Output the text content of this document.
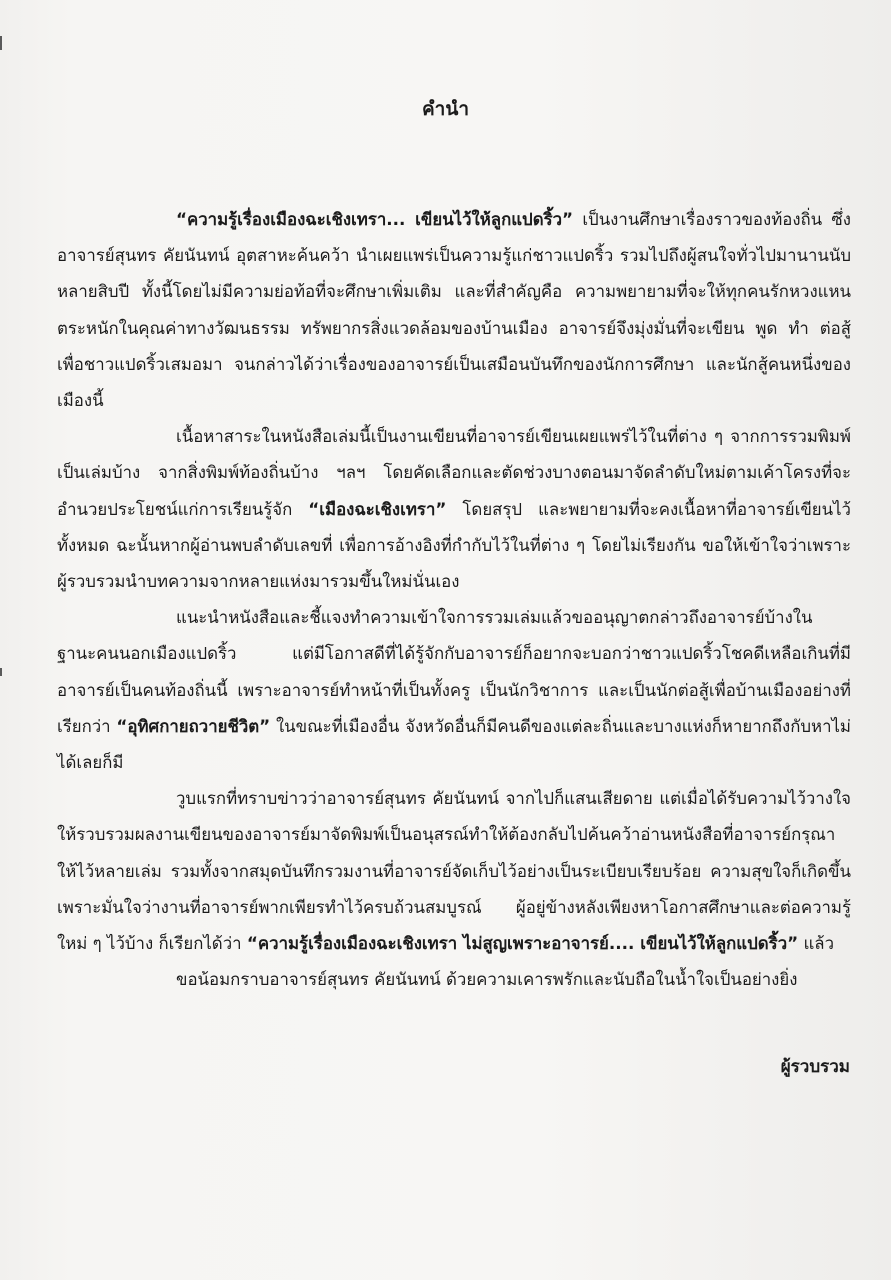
คำนำ

“ความรู้เรื่องเมืองฉะเชิงเทรา... เขียนไว้ให้ลูกแปดริ้ว” เป็นงานศึกษาเรื่องราวของท้องถิ่น ซึ่งอาจารย์สุนทร คัยนันทน์ อุตสาหะค้นคว้า นำเผยแพร่เป็นความรู้แก่ชาวแปดริ้ว รวมไปถึงผู้สนใจทั่วไปมานานนับหลายสิบปี ทั้งนี้โดยไม่มีความย่อท้อที่จะศึกษาเพิ่มเติม และที่สำคัญคือ ความพยายามที่จะให้ทุกคนรักหวงแหน ตระหนักในคุณค่าทางวัฒนธรรม ทรัพยากรสิ่งแวดล้อมของบ้านเมือง อาจารย์จึงมุ่งมั่นที่จะเขียน พูด ทำ ต่อสู้ เพื่อชาวแปดริ้วเสมอมา จนกล่าวได้ว่าเรื่องของอาจารย์เป็นเสมือนบันทึกของนักการศึกษา และนักสู้คนหนึ่งของเมืองนี้

เนื้อหาสาระในหนังสือเล่มนี้เป็นงานเขียนที่อาจารย์เขียนเผยแพร่ไว้ในที่ต่าง ๆ จากการรวมพิมพ์เป็นเล่มบ้าง จากสิ่งพิมพ์ท้องถิ่นบ้าง ฯลฯ โดยคัดเลือกและตัดช่วงบางตอนมาจัดลำดับใหม่ตามเค้าโครงที่จะอำนวยประโยชน์แก่การเรียนรู้จัก “เมืองฉะเชิงเทรา” โดยสรุป และพยายามที่จะคงเนื้อหาที่อาจารย์เขียนไว้ทั้งหมด ฉะนั้นหากผู้อ่านพบลำดับเลขที่ เพื่อการอ้างอิงที่กำกับไว้ในที่ต่าง ๆ โดยไม่เรียงกัน ขอให้เข้าใจว่าเพราะผู้รวบรวมนำบทความจากหลายแห่งมารวมขึ้นใหม่นั่นเอง

แนะนำหนังสือและชี้แจงทำความเข้าใจการรวมเล่มแล้วขออนุญาตกล่าวถึงอาจารย์บ้างในฐานะคนนอกเมืองแปดริ้ว แต่มีโอกาสดีที่ได้รู้จักกับอาจารย์ก็อยากจะบอกว่าชาวแปดริ้วโชคดีเหลือเกินที่มีอาจารย์เป็นคนท้องถิ่นนี้ เพราะอาจารย์ทำหน้าที่เป็นทั้งครู เป็นนักวิชาการ และเป็นนักต่อสู้เพื่อบ้านเมืองอย่างที่เรียกว่า “อุทิศกายถวายชีวิต” ในขณะที่เมืองอื่น จังหวัดอื่นก็มีคนดีของแต่ละถิ่นและบางแห่งก็หายากถึงกับหาไม่ได้เลยก็มี

วูบแรกที่ทราบข่าวว่าอาจารย์สุนทร คัยนันทน์ จากไปก็แสนเสียดาย แต่เมื่อได้รับความไว้วางใจให้รวบรวมผลงานเขียนของอาจารย์มาจัดพิมพ์เป็นอนุสรณ์ทำให้ต้องกลับไปค้นคว้าอ่านหนังสือที่อาจารย์กรุณาให้ไว้หลายเล่ม รวมทั้งจากสมุดบันทึกรวมงานที่อาจารย์จัดเก็บไว้อย่างเป็นระเบียบเรียบร้อย ความสุขใจก็เกิดขึ้น เพราะมั่นใจว่างานที่อาจารย์พากเพียรทำไว้ครบถ้วนสมบูรณ์ ผู้อยู่ข้างหลังเพียงหาโอกาสศึกษาและต่อความรู้ใหม่ ๆ ไว้บ้าง ก็เรียกได้ว่า “ความรู้เรื่องเมืองฉะเชิงเทรา ไม่สูญเพราะอาจารย์.... เขียนไว้ให้ลูกแปดริ้ว” แล้ว

ขอน้อมกราบอาจารย์สุนทร คัยนันทน์ ด้วยความเคารพรักและนับถือในน้ำใจเป็นอย่างยิ่ง

ผู้รวบรวม
